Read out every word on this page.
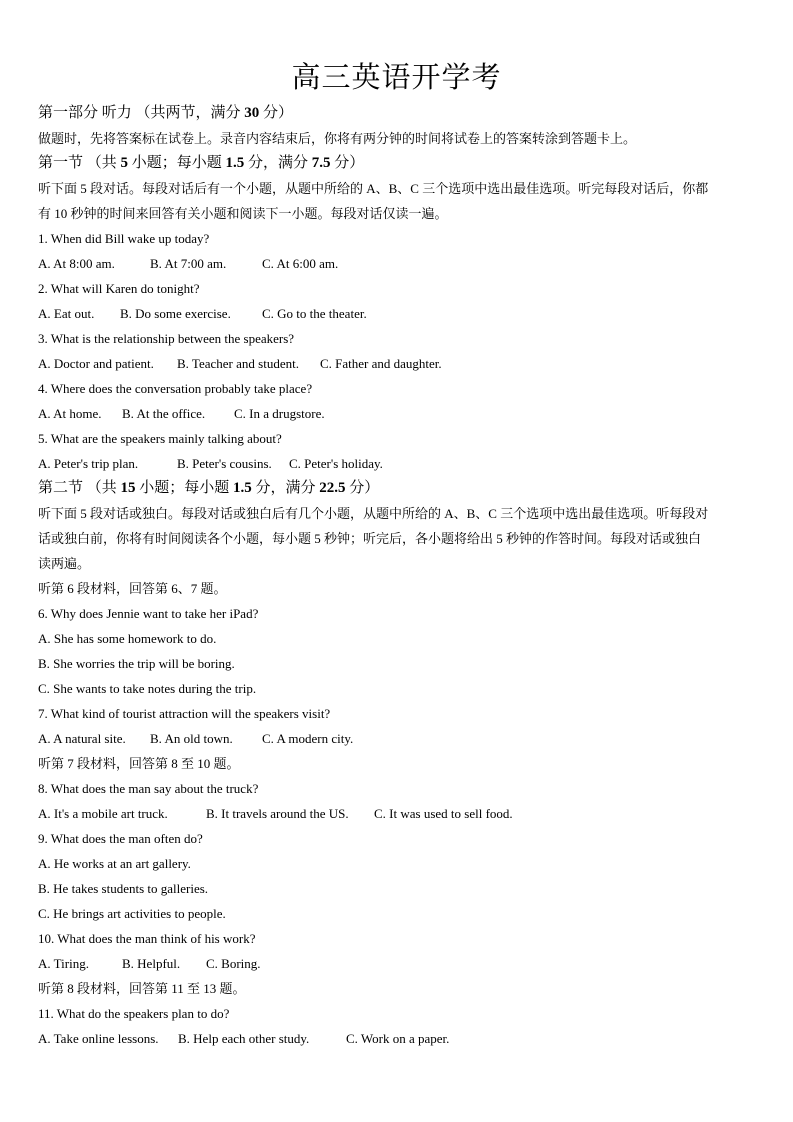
高三英语开学考
第一部分 听力 （共两节，满分 30 分）
做题时，先将答案标在试卷上。录音内容结束后，你将有两分钟的时间将试卷上的答案转涂到答题卡上。
第一节 （共 5 小题；每小题 1.5 分，满分 7.5 分）
听下面 5 段对话。每段对话后有一个小题，从题中所给的 A、B、C 三个选项中选出最佳选项。听完每段对话后，你都
有 10 秒钟的时间来回答有关小题和阅读下一小题。每段对话仅读一遍。
1. When did Bill wake up today?
A. At 8:00 am.	B. At 7:00 am.	C. At 6:00 am.
2. What will Karen do tonight?
A. Eat out. B. Do some exercise. C. Go to the theater.
3. What is the relationship between the speakers?
A. Doctor and patient. B. Teacher and student. C. Father and daughter.
4. Where does the conversation probably take place?
A. At home. B. At the office. C. In a drugstore.
5. What are the speakers mainly talking about?
A. Peter's trip plan.	B. Peter's cousins. C. Peter's holiday.
第二节 （共 15 小题；每小题 1.5 分，满分 22.5 分）
听下面 5 段对话或独白。每段对话或独白后有几个小题，从题中所给的 A、B、C 三个选项中选出最佳选项。听每段对
话或独白前，你将有时间阅读各个小题，每小题 5 秒钟；听完后，各小题将给出 5 秒钟的作答时间。每段对话或独白
读两遍。
听第 6 段材料，回答第 6、7 题。
6. Why does Jennie want to take her iPad?
A. She has some homework to do.
B. She worries the trip will be boring.
C. She wants to take notes during the trip.
7. What kind of tourist attraction will the speakers visit?
A. A natural site. B. An old town. C. A modern city.
听第 7 段材料，回答第 8 至 10 题。
8. What does the man say about the truck?
A. It's a mobile art truck.	B. It travels around the US. C. It was used to sell food.
9. What does the man often do?
A. He works at an art gallery.
B. He takes students to galleries.
C. He brings art activities to people.
10. What does the man think of his work?
A. Tiring.	B. Helpful. C. Boring.
听第 8 段材料，回答第 11 至 13 题。
11. What do the speakers plan to do?
A. Take online lessons. B. Help each other study.	C. Work on a paper.
